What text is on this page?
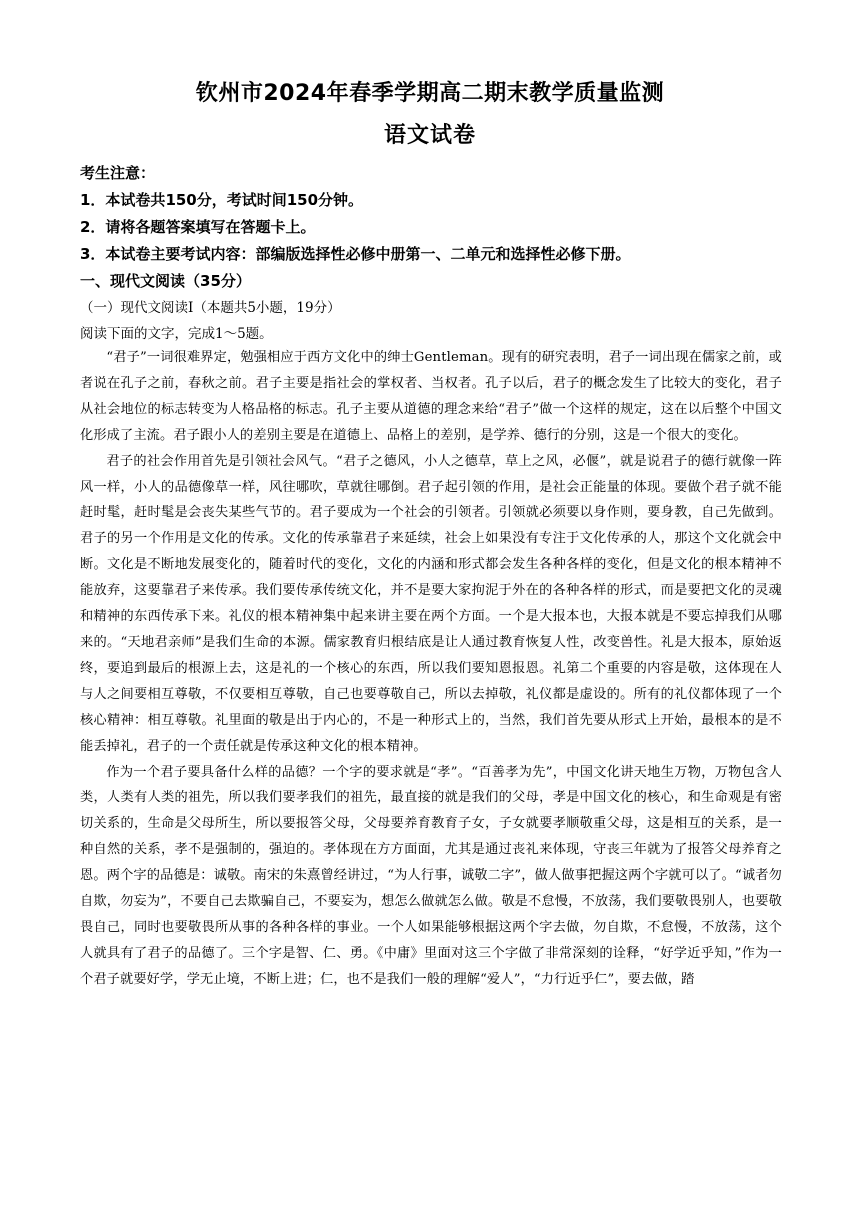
钦州市2024年春季学期高二期末教学质量监测
语文试卷
考生注意：
1．本试卷共150分，考试时间150分钟。
2．请将各题答案填写在答题卡上。
3．本试卷主要考试内容：部编版选择性必修中册第一、二单元和选择性必修下册。
一、现代文阅读（35分）
（一）现代文阅读Ⅰ（本题共5小题，19分）
阅读下面的文字，完成1～5题。

“君子”一词很难界定，勉强相应于西方文化中的绅士Gentleman。现有的研究表明，君子一词出现在儒家之前，或者说在孔子之前，春秋之前。君子主要是指社会的掌权者、当权者。孔子以后，君子的概念发生了比较大的变化，君子从社会地位的标志转变为人格品格的标志。孔子主要从道德的理念来给“君子”做一个这样的规定，这在以后整个中国文化形成了主流。君子跟小人的差别主要是在道德上、品格上的差别，是学养、德行的分别，这是一个很大的变化。

君子的社会作用首先是引领社会风气。“君子之德风，小人之德草，草上之风，必偃”，就是说君子的德行就像一阵风一样，小人的品德像草一样，风往哪吹，草就往哪倒。君子起引领的作用，是社会正能量的体现。要做个君子就不能赶时髦，赶时髦是会丧失某些气节的。君子要成为一个社会的引领者。引领就必须要以身作则，要身教，自己先做到。君子的另一个作用是文化的传承。文化的传承靠君子来延续，社会上如果没有专注于文化传承的人，那这个文化就会中断。文化是不断地发展变化的，随着时代的变化，文化的内涵和形式都会发生各种各样的变化，但是文化的根本精神不能放弃，这要靠君子来传承。我们要传承传统文化，并不是要大家拘泥于外在的各种各样的形式，而是要把文化的灵魂和精神的东西传承下来。礼仪的根本精神集中起来讲主要在两个方面。一个是大报本也，大报本就是不要忘掉我们从哪来的。“天地君亲师”是我们生命的本源。儒家教育归根结底是让人通过教育恢复人性，改变兽性。礼是大报本，原始返终，要追到最后的根源上去，这是礼的一个核心的东西，所以我们要知恩报恩。礼第二个重要的内容是敬，这体现在人与人之间要相互尊敬，不仅要相互尊敬，自己也要尊敬自己，所以去掉敬，礼仪都是虚设的。所有的礼仪都体现了一个核心精神：相互尊敬。礼里面的敬是出于内心的，不是一种形式上的，当然，我们首先要从形式上开始，最根本的是不能丢掉礼，君子的一个责任就是传承这种文化的根本精神。

作为一个君子要具备什么样的品德？一个字的要求就是“孝”。“百善孝为先”，中国文化讲天地生万物，万物包含人类，人类有人类的祖先，所以我们要孝我们的祖先，最直接的就是我们的父母，孝是中国文化的核心，和生命观是有密切关系的，生命是父母所生，所以要报答父母，父母要养育教育子女，子女就要孝顺敬重父母，这是相互的关系，是一种自然的关系，孝不是强制的，强迫的。孝体现在方方面面，尤其是通过丧礼来体现，守丧三年就为了报答父母养育之恩。两个字的品德是：诚敬。南宋的朱熹曾经讲过，“为人行事，诚敬二字”，做人做事把握这两个字就可以了。“诚者勿自欺，勿妄为”，不要自己去欺骗自己，不要妄为，想怎么做就怎么做。敬是不怠慢，不放荡，我们要敬畏别人，也要敬畏自己，同时也要敬畏所从事的各种各样的事业。一个人如果能够根据这两个字去做，勿自欺，不怠慢，不放荡，这个人就具有了君子的品德了。三个字是智、仁、勇。《中庸》里面对这三个字做了非常深刻的诠释，“好学近乎知，”作为一个君子就要好学，学无止境，不断上进；仁，也不是我们一般的理解“爱人”，“力行近乎仁”，要去做，踏
